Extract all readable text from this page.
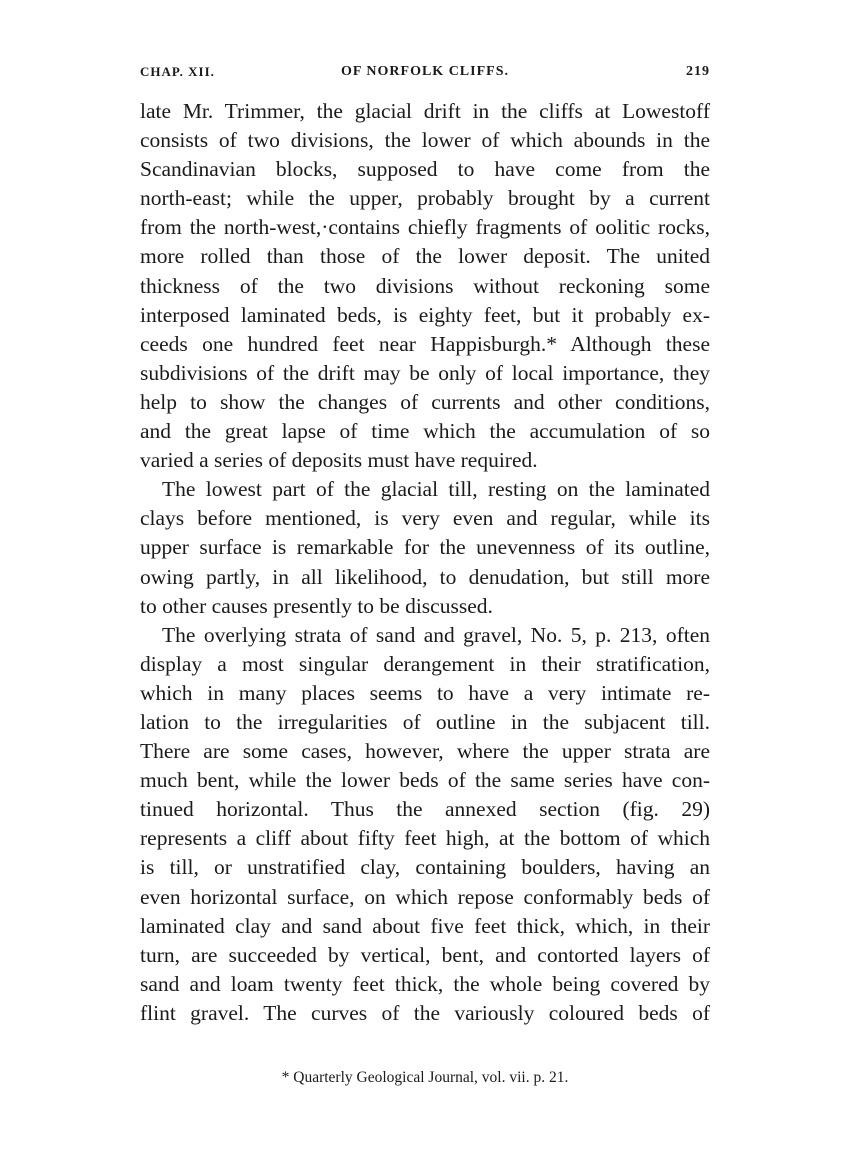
CHAP. XII.	OF NORFOLK CLIFFS.	219

late Mr. Trimmer, the glacial drift in the cliffs at Lowestoff
consists of two divisions, the lower of which abounds in the
Scandinavian blocks, supposed to have come from the
north-east; while the upper, probably brought by a current
from the north-west,·contains chiefly fragments of oolitic rocks,
more rolled than those of the lower deposit. The united
thickness of the two divisions without reckoning some
interposed laminated beds, is eighty feet, but it probably ex-
ceeds one hundred feet near Happisburgh.* Although these
subdivisions of the drift may be only of local importance, they
help to show the changes of currents and other conditions,
and the great lapse of time which the accumulation of so
varied a series of deposits must have required.

The lowest part of the glacial till, resting on the laminated
clays before mentioned, is very even and regular, while its
upper surface is remarkable for the unevenness of its outline,
owing partly, in all likelihood, to denudation, but still more
to other causes presently to be discussed.

The overlying strata of sand and gravel, No. 5, p. 213, often
display a most singular derangement in their stratification,
which in many places seems to have a very intimate re-
lation to the irregularities of outline in the subjacent till.
There are some cases, however, where the upper strata are
much bent, while the lower beds of the same series have con-
tinued horizontal. Thus the annexed section (fig. 29)
represents a cliff about fifty feet high, at the bottom of which
is till, or unstratified clay, containing boulders, having an
even horizontal surface, on which repose conformably beds of
laminated clay and sand about five feet thick, which, in their
turn, are succeeded by vertical, bent, and contorted layers of
sand and loam twenty feet thick, the whole being covered by
flint gravel. The curves of the variously coloured beds of

* Quarterly Geological Journal, vol. vii. p. 21.
